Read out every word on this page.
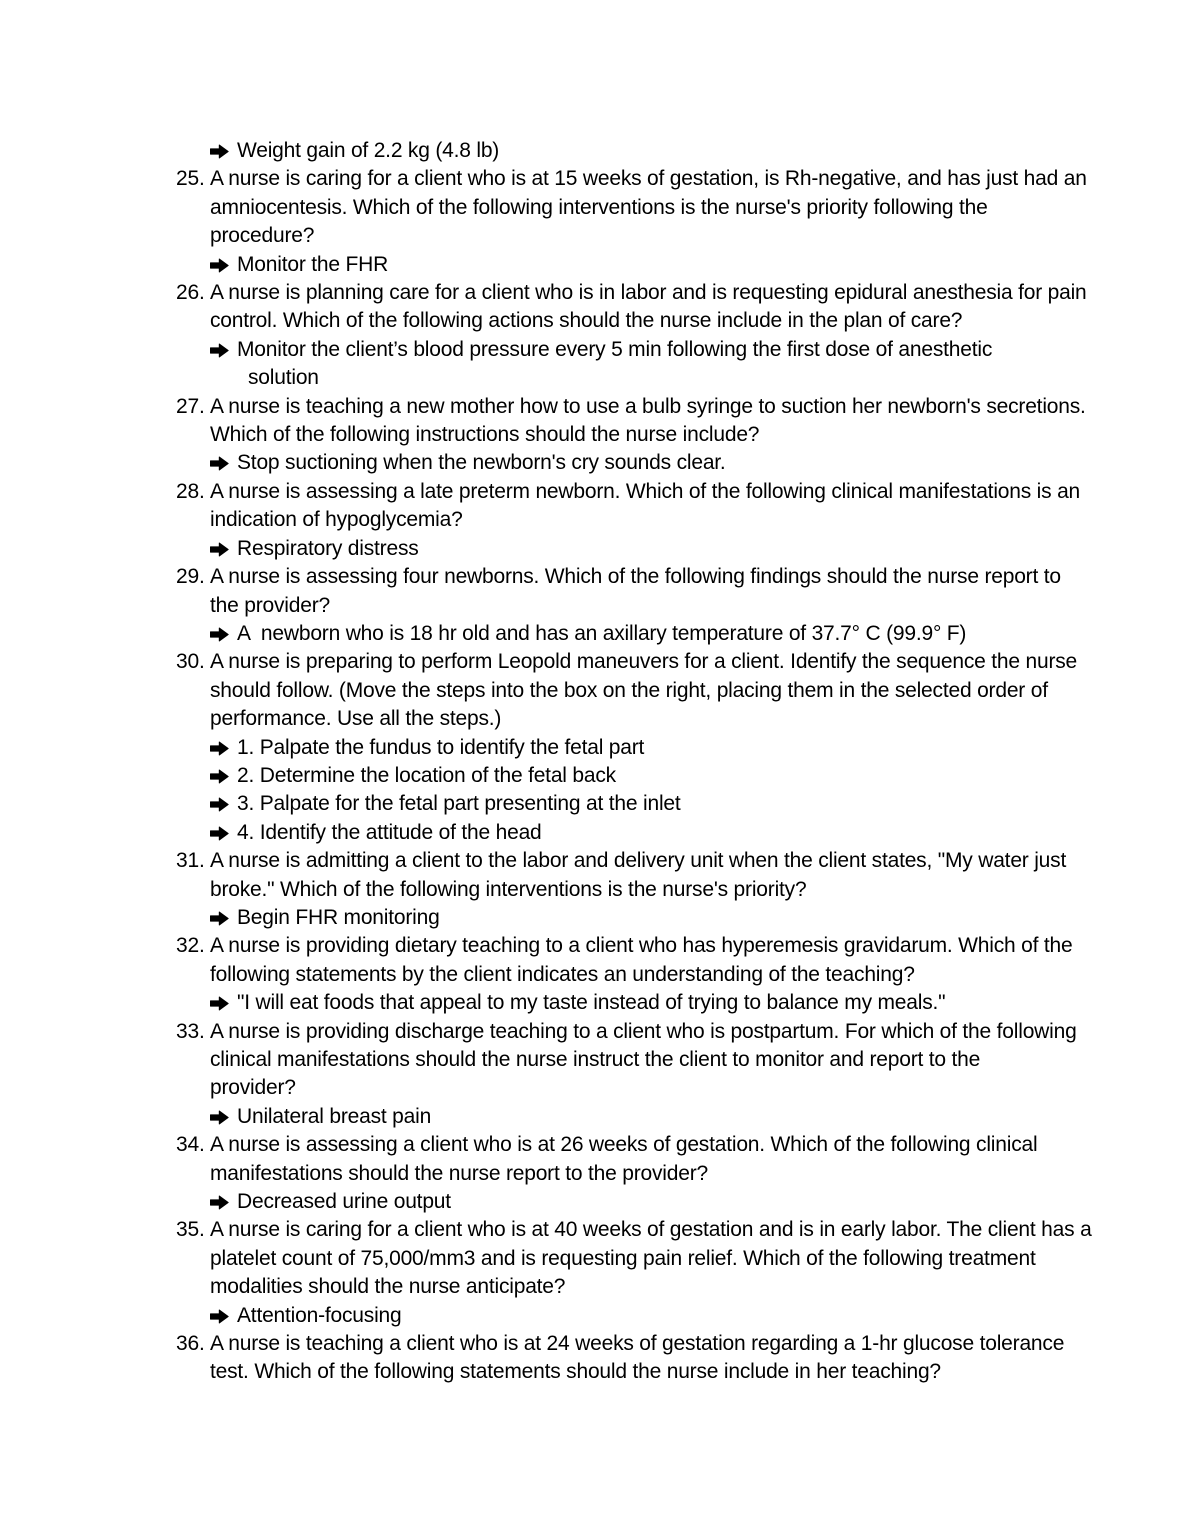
Weight gain of 2.2 kg (4.8 lb)
25. A nurse is caring for a client who is at 15 weeks of gestation, is Rh-negative, and has just had an
amniocentesis. Which of the following interventions is the nurse's priority following the
procedure?
Monitor the FHR
26. A nurse is planning care for a client who is in labor and is requesting epidural anesthesia for pain
control. Which of the following actions should the nurse include in the plan of care?
Monitor the client’s blood pressure every 5 min following the first dose of anesthetic
solution
27. A nurse is teaching a new mother how to use a bulb syringe to suction her newborn's secretions.
Which of the following instructions should the nurse include?
Stop suctioning when the newborn's cry sounds clear.
28. A nurse is assessing a late preterm newborn. Which of the following clinical manifestations is an
indication of hypoglycemia?
Respiratory distress
29. A nurse is assessing four newborns. Which of the following findings should the nurse report to
the provider?
A  newborn who is 18 hr old and has an axillary temperature of 37.7° C (99.9° F)
30. A nurse is preparing to perform Leopold maneuvers for a client. Identify the sequence the nurse
should follow. (Move the steps into the box on the right, placing them in the selected order of
performance. Use all the steps.)
1. Palpate the fundus to identify the fetal part
2. Determine the location of the fetal back
3. Palpate for the fetal part presenting at the inlet
4. Identify the attitude of the head
31. A nurse is admitting a client to the labor and delivery unit when the client states, "My water just
broke." Which of the following interventions is the nurse's priority?
Begin FHR monitoring
32. A nurse is providing dietary teaching to a client who has hyperemesis gravidarum. Which of the
following statements by the client indicates an understanding of the teaching?
"I will eat foods that appeal to my taste instead of trying to balance my meals."
33. A nurse is providing discharge teaching to a client who is postpartum. For which of the following
clinical manifestations should the nurse instruct the client to monitor and report to the
provider?
Unilateral breast pain
34. A nurse is assessing a client who is at 26 weeks of gestation. Which of the following clinical
manifestations should the nurse report to the provider?
Decreased urine output
35. A nurse is caring for a client who is at 40 weeks of gestation and is in early labor. The client has a
platelet count of 75,000/mm3 and is requesting pain relief. Which of the following treatment
modalities should the nurse anticipate?
Attention-focusing
36. A nurse is teaching a client who is at 24 weeks of gestation regarding a 1-hr glucose tolerance
test. Which of the following statements should the nurse include in her teaching?
